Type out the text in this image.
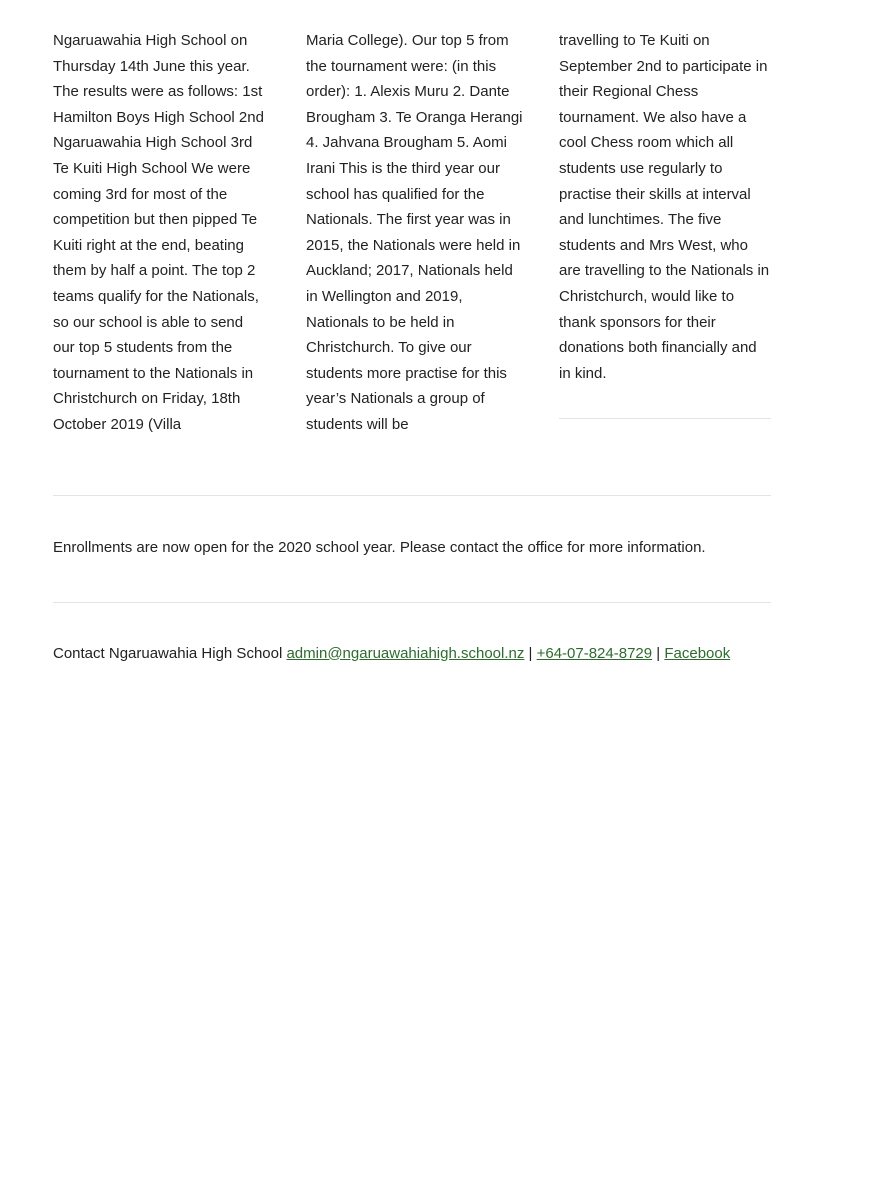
Ngaruawahia High School on Thursday 14th June this year. The results were as follows: 1st Hamilton Boys High School 2nd Ngaruawahia High School 3rd Te Kuiti High School We were coming 3rd for most of the competition but then pipped Te Kuiti right at the end, beating them by half a point. The top 2 teams qualify for the Nationals, so our school is able to send our top 5 students from the tournament to the Nationals in Christchurch on Friday, 18th October 2019 (Villa

Maria College). Our top 5 from the tournament were: (in this order): 1. Alexis Muru 2. Dante Brougham 3. Te Oranga Herangi 4. Jahvana Brougham 5. Aomi Irani This is the third year our school has qualified for the Nationals. The first year was in 2015, the Nationals were held in Auckland; 2017, Nationals held in Wellington and 2019, Nationals to be held in Christchurch. To give our students more practise for this year’s Nationals a group of students will be

travelling to Te Kuiti on September 2nd to participate in their Regional Chess tournament. We also have a cool Chess room which all students use regularly to practise their skills at interval and lunchtimes. The five students and Mrs West, who are travelling to the Nationals in Christchurch, would like to thank sponsors for their donations both financially and in kind.

Enrollments are now open for the 2020 school year. Please contact the office for more information.

Contact Ngaruawahia High School admin@ngaruawahiahigh.school.nz | +64-07-824-8729 | Facebook
